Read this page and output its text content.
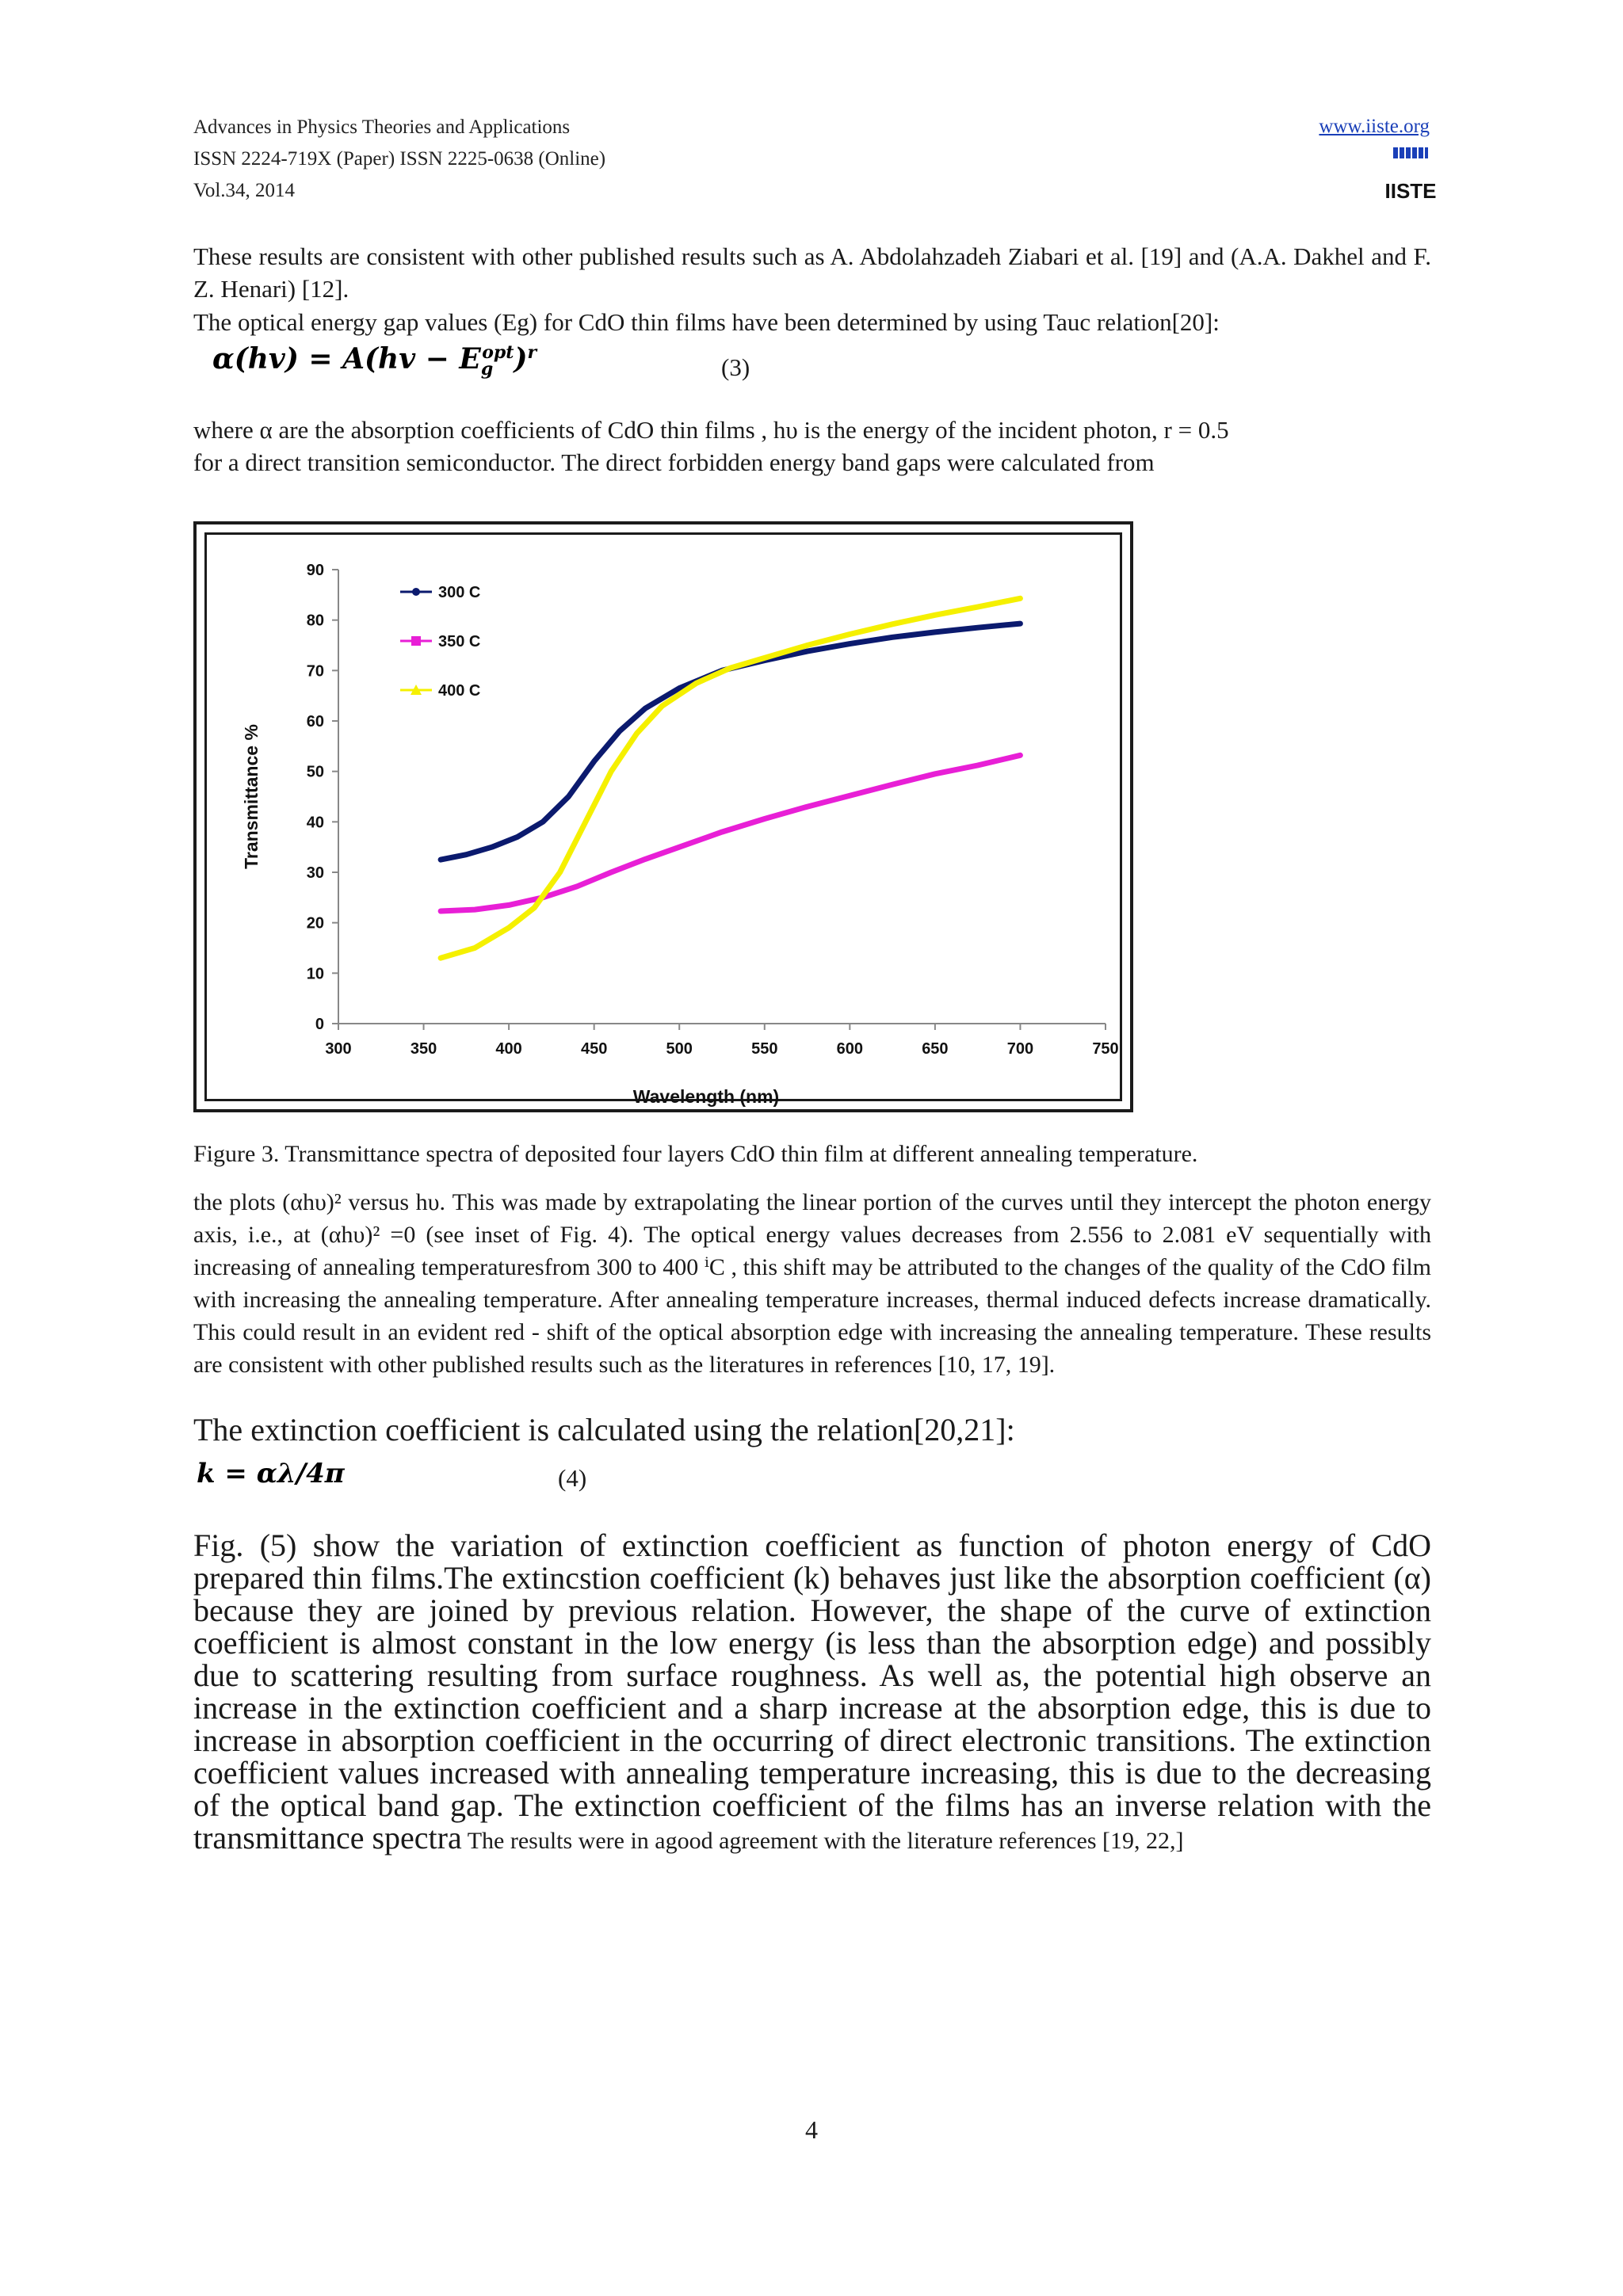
Advances in Physics Theories and Applications
ISSN 2224-719X (Paper) ISSN 2225-0638 (Online)
Vol.34, 2014
www.iiste.org
IISTE
These results are consistent with other published results such as A. Abdolahzadeh Ziabari et al. [19] and (A.A. Dakhel and F. Z. Henari) [12].
The optical energy gap values (Eg) for CdO thin films have been determined by using Tauc relation[20]:
$\alpha(hv) = A(hv - E_g^{opt})^r$
(3)
where α are the absorption coefficients of CdO thin films , hυ is the energy of the incident photon, r = 0.5
for a direct transition semiconductor. The direct forbidden energy band gaps were calculated from
0
10
20
30
40
50
60
70
80
90
300	350	400	450	500	550	600	650	700	750
Wavelength (nm)
Transmittance %
300 C
350 C
400 C
Figure 3. Transmittance spectra of deposited four layers CdO thin film at different annealing temperature.
the plots (αhυ)² versus hυ. This was made by extrapolating the linear portion of the curves until they intercept the photon energy axis, i.e., at (αhυ)² =0 (see inset of Fig. 4). The optical energy values decreases from 2.556 to 2.081 eV sequentially with increasing of annealing temperaturesfrom 300 to 400 ⁱC , this shift may be attributed to the changes of the quality of the CdO film with increasing the annealing temperature. After annealing temperature increases, thermal induced defects increase dramatically. This could result in an evident red - shift of the optical absorption edge with increasing the annealing temperature. These results are consistent with other published results such as the literatures in references [10, 17, 19].
The extinction coefficient is calculated using the relation[20,21]:
k = αλ/4π	(4)
Fig. (5) show the variation of extinction coefficient as function of photon energy of CdO prepared thin films.The extincstion coefficient (k) behaves just like the absorption coefficient (α) because they are joined by previous relation. However, the shape of the curve of extinction coefficient is almost constant in the low energy (is less than the absorption edge) and possibly due to scattering resulting from surface roughness. As well as, the potential high observe an increase in the extinction coefficient and a sharp increase at the absorption edge, this is due to increase in absorption coefficient in the occurring of direct electronic transitions. The extinction coefficient values increased with annealing temperature increasing, this is due to the decreasing of the optical band gap. The extinction coefficient of the films has an inverse relation with the transmittance spectra The results were in agood agreement with the literature references [19, 22,]
4
